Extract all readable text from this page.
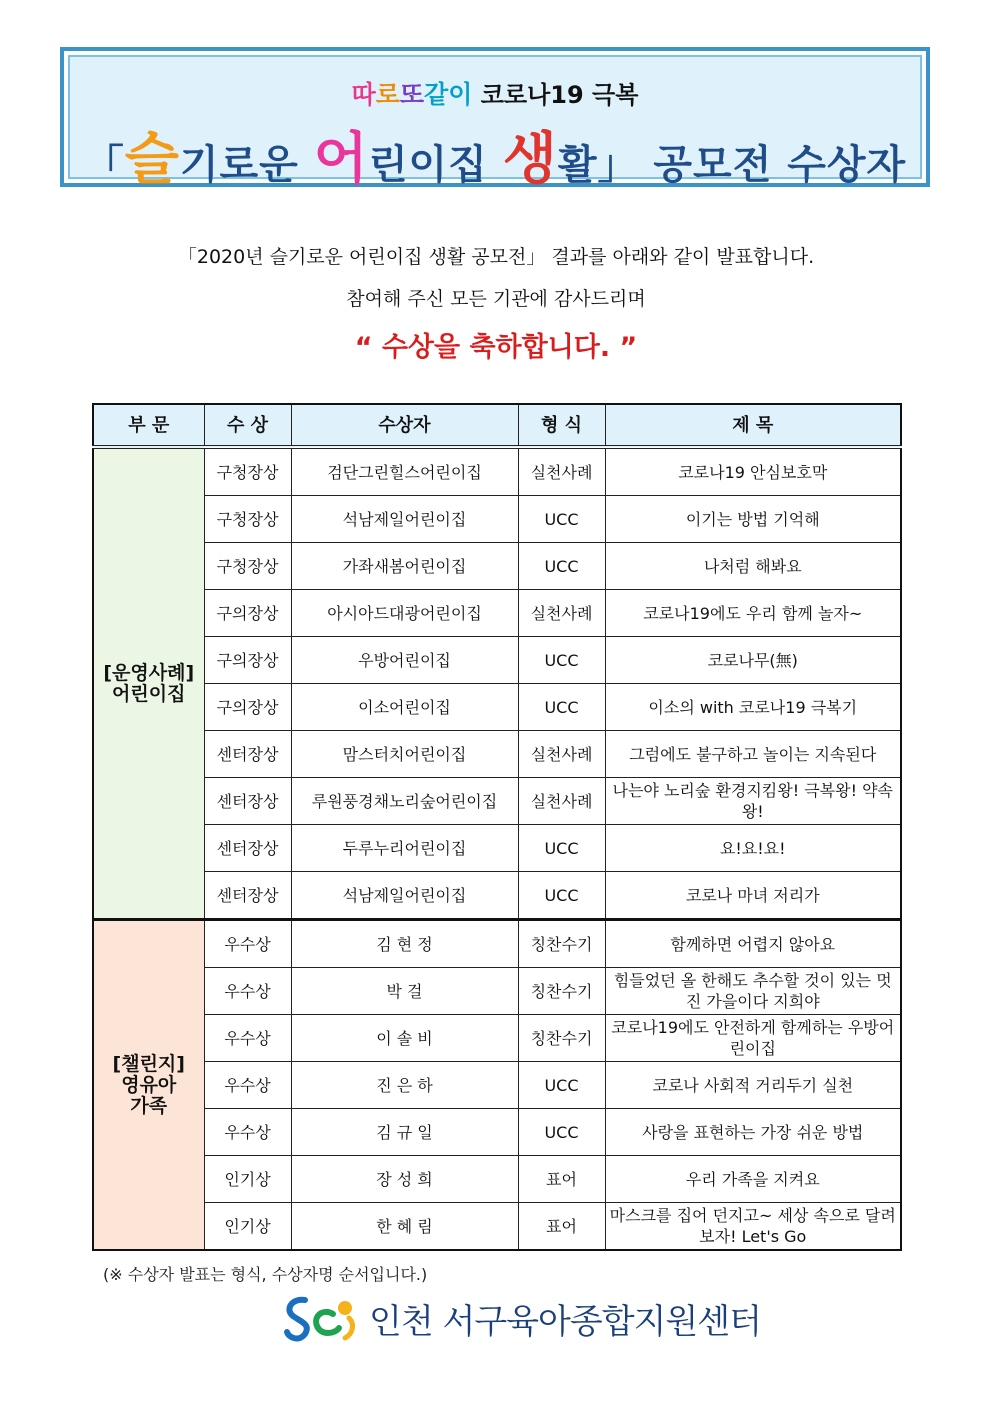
따로또같이 코로나19 극복
「슬기로운 어린이집 생활」 공모전 수상자
「2020년 슬기로운 어린이집 생활 공모전」 결과를 아래와 같이 발표합니다.
참여해 주신 모든 기관에 감사드리며
“ 수상을 축하합니다. ”
부 문	수 상	수상자	형 식	제 목

[운영사례]
어린이집	구청장상	검단그린힐스어린이집	실천사례	코로나19 안심보호막
	구청장상	석남제일어린이집	UCC	이기는 방법 기억해
	구청장상	가좌새봄어린이집	UCC	나처럼 해봐요
	구의장상	아시아드대광어린이집	실천사례	코로나19에도 우리 함께 놀자~
	구의장상	우방어린이집	UCC	코로나무(無)
	구의장상	이소어린이집	UCC	이소의 with 코로나19 극복기
	센터장상	맘스터치어린이집	실천사례	그럼에도 불구하고 놀이는 지속된다
	센터장상	루원풍경채노리숲어린이집	실천사례	나는야 노리숲 환경지킴왕! 극복왕! 약속왕!
	센터장상	두루누리어린이집	UCC	요!요!요!
	센터장상	석남제일어린이집	UCC	코로나 마녀 저리가

[챌린지]
영유아
가족	우수상	김 현 정	칭찬수기	함께하면 어렵지 않아요
	우수상	박 걸	칭찬수기	힘들었던 올 한해도 추수할 것이 있는 멋진 가을이다 지희야
	우수상	이 솔 비	칭찬수기	코로나19에도 안전하게 함께하는 우방어린이집
	우수상	진 은 하	UCC	코로나 사회적 거리두기 실천
	우수상	김 규 일	UCC	사랑을 표현하는 가장 쉬운 방법
	인기상	장 성 희	표어	우리 가족을 지켜요
	인기상	한 혜 림	표어	마스크를 집어 던지고~ 세상 속으로 달려보자! Let's Go
(※ 수상자 발표는 형식, 수상자명 순서입니다.)
인천 서구육아종합지원센터
